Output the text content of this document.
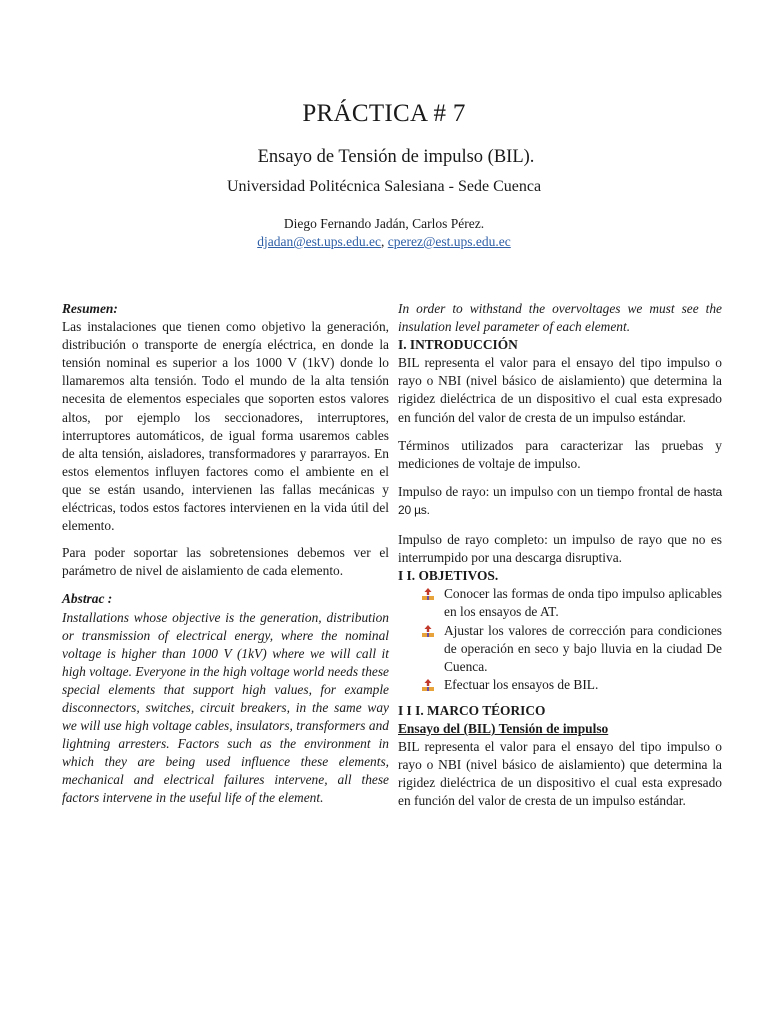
PRÁCTICA # 7
Ensayo de Tensión de impulso (BIL).
Universidad Politécnica Salesiana - Sede Cuenca
Diego Fernando Jadán, Carlos Pérez.
djadan@est.ups.edu.ec, cperez@est.ups.edu.ec

Resumen:

Las instalaciones que tienen como objetivo la generación, distribución o transporte de energía eléctrica, en donde la tensión nominal es superior a los 1000 V (1kV) donde lo llamaremos alta tensión. Todo el mundo de la alta tensión necesita de elementos especiales que soporten estos valores altos, por ejemplo los seccionadores, interruptores, interruptores automáticos, de igual forma usaremos cables de alta tensión, aisladores, transformadores y pararrayos. En estos elementos influyen factores como el ambiente en el que se están usando, intervienen las fallas mecánicas y eléctricas, todos estos factores intervienen en la vida útil del elemento.

Para poder soportar las sobretensiones debemos ver el parámetro de nivel de aislamiento de cada elemento.

Abstrac :

Installations whose objective is the generation, distribution or transmission of electrical energy, where the nominal voltage is higher than 1000 V (1kV) where we will call it high voltage. Everyone in the high voltage world needs these special elements that support high values, for example disconnectors, switches, circuit breakers, in the same way we will use high voltage cables, insulators, transformers and lightning arresters. Factors such as the environment in which they are being used influence these elements, mechanical and electrical failures intervene, all these factors intervene in the useful life of the element.

In order to withstand the overvoltages we must see the insulation level parameter of each element.

I. INTRODUCCIÓN

BIL representa el valor para el ensayo del tipo impulso o rayo o NBI (nivel básico de aislamiento) que determina la rigidez dieléctrica de un dispositivo el cual esta expresado en función del valor de cresta de un impulso estándar.

Términos utilizados para caracterizar las pruebas y mediciones de voltaje de impulso.

Impulso de rayo: un impulso con un tiempo frontal de hasta 20 µs.

Impulso de rayo completo: un impulso de rayo que no es interrumpido por una descarga disruptiva.

I I. OBJETIVOS.

Conocer las formas de onda tipo impulso aplicables en los ensayos de AT.
Ajustar los valores de corrección para condiciones de operación en seco y bajo lluvia en la ciudad De Cuenca.
Efectuar los ensayos de BIL.

I I I. MARCO TÉORICO

Ensayo del (BIL) Tensión de impulso

BIL representa el valor para el ensayo del tipo impulso o rayo o NBI (nivel básico de aislamiento) que determina la rigidez dieléctrica de un dispositivo el cual esta expresado en función del valor de cresta de un impulso estándar.
